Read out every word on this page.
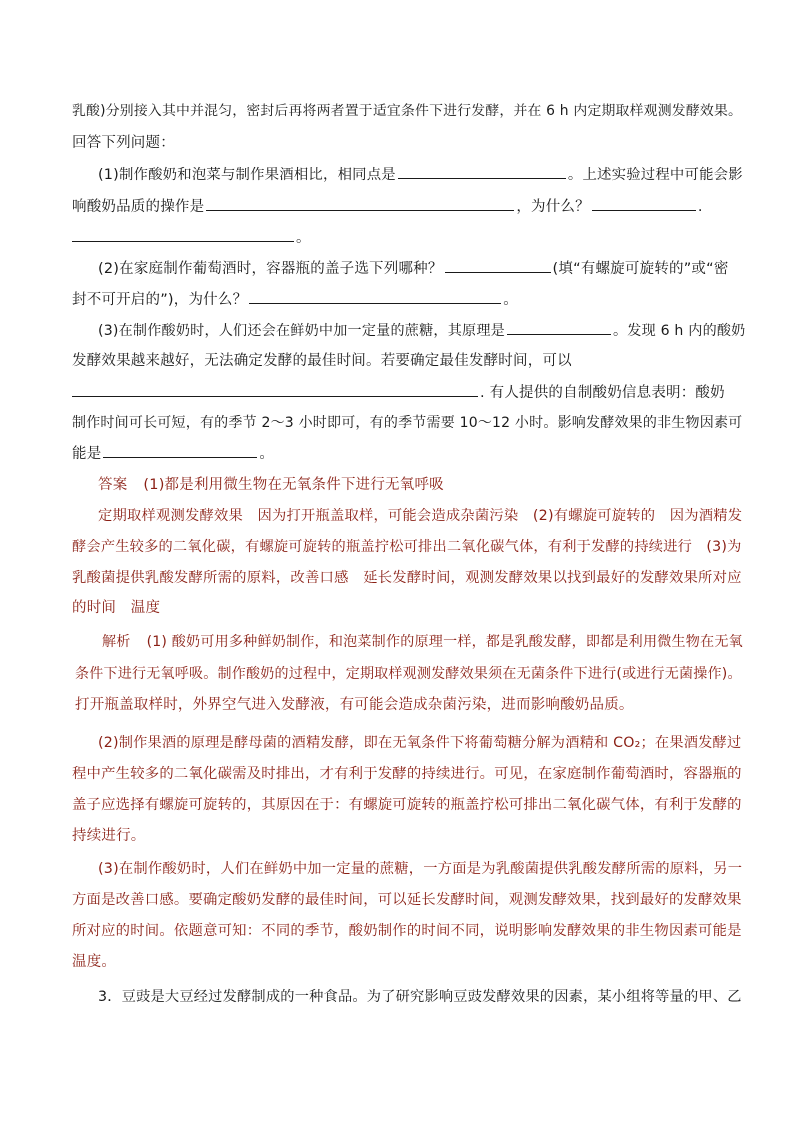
乳酸)分别接入其中并混匀，密封后再将两者置于适宜条件下进行发酵，并在 6 h 内定期取样观测发酵效果。
回答下列问题：
(1)制作酸奶和泡菜与制作果酒相比，相同点是	。上述实验过程中可能会影
响酸奶品质的操作是	，为什么？	.
。
(2)在家庭制作葡萄酒时，容器瓶的盖子选下列哪种？	(填“有螺旋可旋转的”或“密
封不可开启的”)，为什么？	。
(3)在制作酸奶时，人们还会在鲜奶中加一定量的蔗糖，其原理是	。发现 6 h 内的酸奶
发酵效果越来越好，无法确定发酵的最佳时间。若要确定最佳发酵时间，可以
. 有人提供的自制酸奶信息表明：酸奶
制作时间可长可短，有的季节 2～3 小时即可，有的季节需要 10～12 小时。影响发酵效果的非生物因素可
能是	。
答案 (1)都是利用微生物在无氧条件下进行无氧呼吸
定期取样观测发酵效果　因为打开瓶盖取样，可能会造成杂菌污染　(2)有螺旋可旋转的　因为酒精发
酵会产生较多的二氧化碳，有螺旋可旋转的瓶盖拧松可排出二氧化碳气体，有利于发酵的持续进行　(3)为
乳酸菌提供乳酸发酵所需的原料，改善口感　延长发酵时间，观测发酵效果以找到最好的发酵效果所对应
的时间　温度
解析 (1) 酸奶可用多种鲜奶制作，和泡菜制作的原理一样，都是乳酸发酵，即都是利用微生物在无氧
条件下进行无氧呼吸。制作酸奶的过程中，定期取样观测发酵效果须在无菌条件下进行(或进行无菌操作)。
打开瓶盖取样时，外界空气进入发酵液，有可能会造成杂菌污染，进而影响酸奶品质。
(2)制作果酒的原理是酵母菌的酒精发酵，即在无氧条件下将葡萄糖分解为酒精和 CO₂；在果酒发酵过
程中产生较多的二氧化碳需及时排出，才有利于发酵的持续进行。可见，在家庭制作葡萄酒时，容器瓶的
盖子应选择有螺旋可旋转的，其原因在于：有螺旋可旋转的瓶盖拧松可排出二氧化碳气体，有利于发酵的
持续进行。
(3)在制作酸奶时，人们在鲜奶中加一定量的蔗糖，一方面是为乳酸菌提供乳酸发酵所需的原料，另一
方面是改善口感。要确定酸奶发酵的最佳时间，可以延长发酵时间，观测发酵效果，找到最好的发酵效果
所对应的时间。依题意可知：不同的季节，酸奶制作的时间不同，说明影响发酵效果的非生物因素可能是
温度。
3．豆豉是大豆经过发酵制成的一种食品。为了研究影响豆豉发酵效果的因素，某小组将等量的甲、乙
